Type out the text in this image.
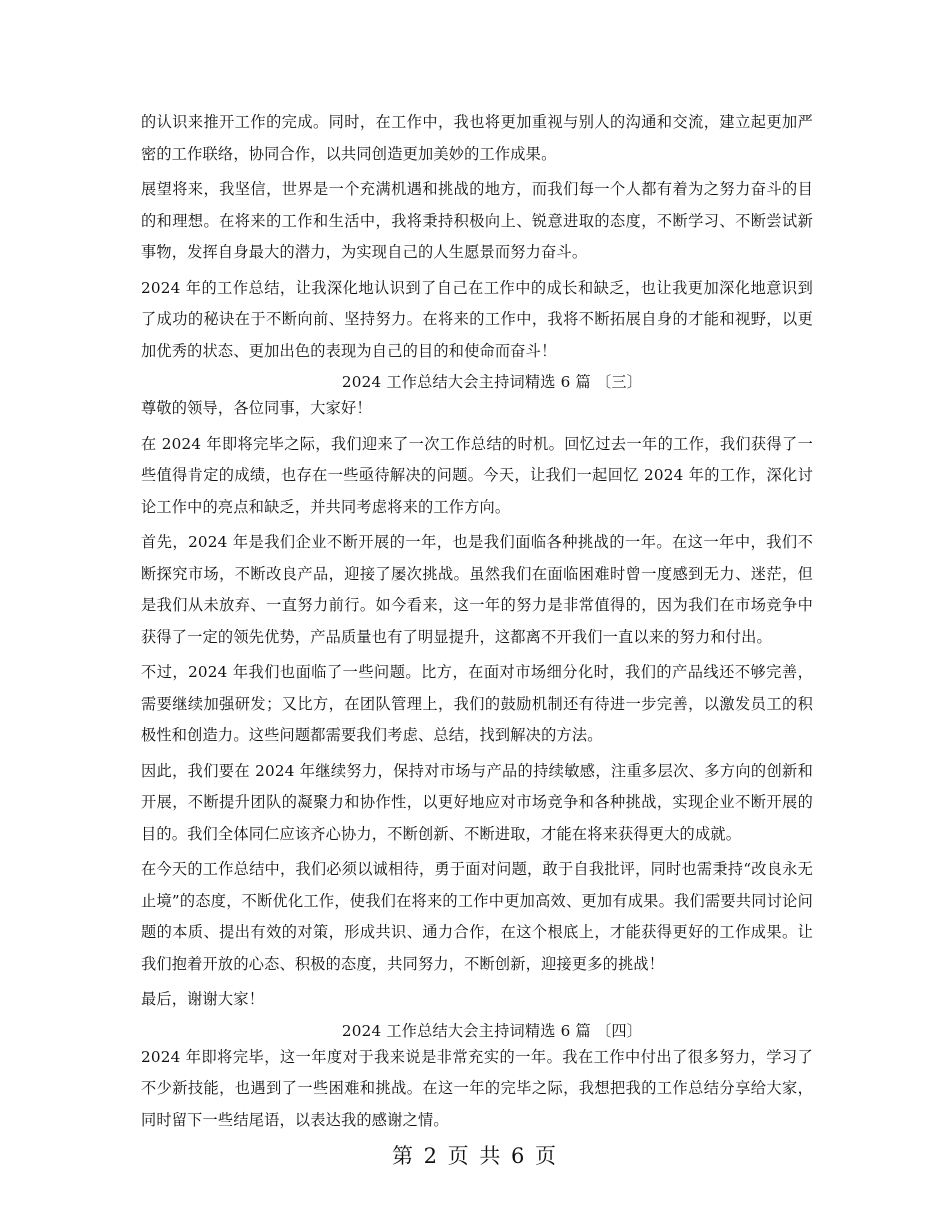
的认识来推开工作的完成。同时，在工作中，我也将更加重视与别人的沟通和交流，建立起更加严密的工作联络，协同合作，以共同创造更加美妙的工作成果。

展望将来，我坚信，世界是一个充满机遇和挑战的地方，而我们每一个人都有着为之努力奋斗的目的和理想。在将来的工作和生活中，我将秉持积极向上、锐意进取的态度，不断学习、不断尝试新事物，发挥自身最大的潜力，为实现自己的人生愿景而努力奋斗。

2024 年的工作总结，让我深化地认识到了自己在工作中的成长和缺乏，也让我更加深化地意识到了成功的秘诀在于不断向前、坚持努力。在将来的工作中，我将不断拓展自身的才能和视野，以更加优秀的状态、更加出色的表现为自己的目的和使命而奋斗！

2024 工作总结大会主持词精选 6 篇 〔三〕

尊敬的领导，各位同事，大家好！

在 2024 年即将完毕之际，我们迎来了一次工作总结的时机。回忆过去一年的工作，我们获得了一些值得肯定的成绩，也存在一些亟待解决的问题。今天，让我们一起回忆 2024 年的工作，深化讨论工作中的亮点和缺乏，并共同考虑将来的工作方向。

首先，2024 年是我们企业不断开展的一年，也是我们面临各种挑战的一年。在这一年中，我们不断探究市场，不断改良产品，迎接了屡次挑战。虽然我们在面临困难时曾一度感到无力、迷茫，但是我们从未放弃、一直努力前行。如今看来，这一年的努力是非常值得的，因为我们在市场竞争中获得了一定的领先优势，产品质量也有了明显提升，这都离不开我们一直以来的努力和付出。

不过，2024 年我们也面临了一些问题。比方，在面对市场细分化时，我们的产品线还不够完善，需要继续加强研发；又比方，在团队管理上，我们的鼓励机制还有待进一步完善，以激发员工的积极性和创造力。这些问题都需要我们考虑、总结，找到解决的方法。

因此，我们要在 2024 年继续努力，保持对市场与产品的持续敏感，注重多层次、多方向的创新和开展，不断提升团队的凝聚力和协作性，以更好地应对市场竞争和各种挑战，实现企业不断开展的目的。我们全体同仁应该齐心协力，不断创新、不断进取，才能在将来获得更大的成就。

在今天的工作总结中，我们必须以诚相待，勇于面对问题，敢于自我批评，同时也需秉持“改良永无止境”的态度，不断优化工作，使我们在将来的工作中更加高效、更加有成果。我们需要共同讨论问题的本质、提出有效的对策，形成共识、通力合作，在这个根底上，才能获得更好的工作成果。让我们抱着开放的心态、积极的态度，共同努力，不断创新，迎接更多的挑战！

最后，谢谢大家！

2024 工作总结大会主持词精选 6 篇 〔四〕

2024 年即将完毕，这一年度对于我来说是非常充实的一年。我在工作中付出了很多努力，学习了不少新技能，也遇到了一些困难和挑战。在这一年的完毕之际，我想把我的工作总结分享给大家，同时留下一些结尾语，以表达我的感谢之情。

第 2 页 共 6 页
